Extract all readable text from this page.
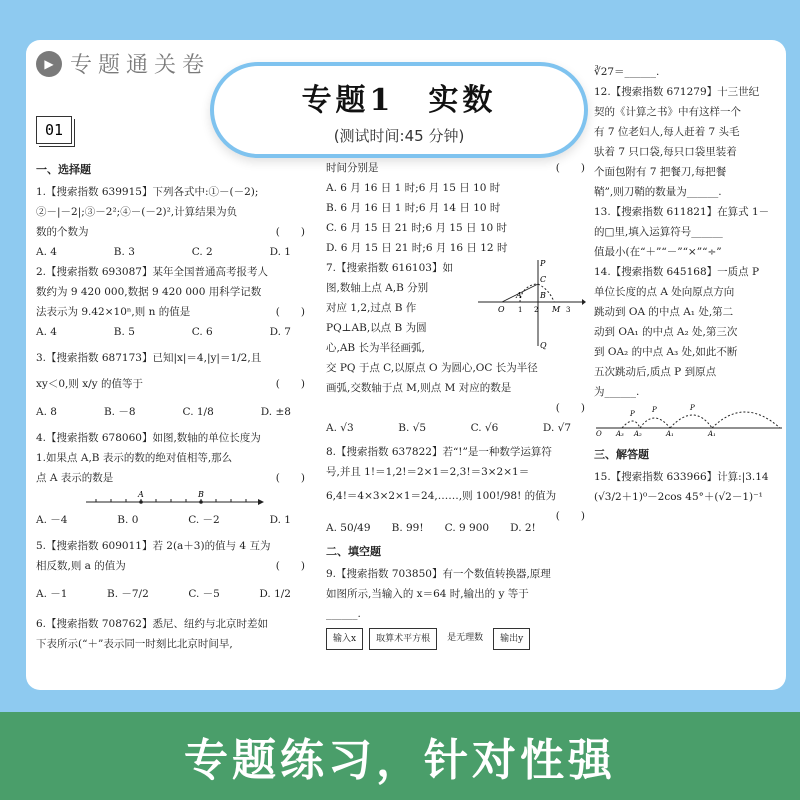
▶ 专题通关卷
01
一、选择题
1.【搜索指数 639915】下列各式中:①－(－2);
②－|－2|;③－2²;④－(－2)²,计算结果为负
数的个数为	(　　)
A. 4	B. 3	C. 2	D. 1
2.【搜索指数 693087】某年全国普通高考报考人
数约为 9 420 000,数据 9 420 000 用科学记数
法表示为 9.42×10ⁿ,则 n 的值是	(　　)
A. 4	B. 5	C. 6	D. 7
3.【搜索指数 687173】已知|x|＝4,|y|＝1/2,且
xy＜0,则 x/y 的值等于	(　　)
A. 8	B. －8	C. 1/8	D. ±8
4.【搜索指数 678060】如图,数轴的单位长度为
1.如果点 A,B 表示的数的绝对值相等,那么
点 A 表示的数是	(　　)
A	B
A. －4	B. 0	C. －2	D. 1
5.【搜索指数 609011】若 2(a＋3)的值与 4 互为
相反数,则 a 的值为	(　　)
A. －1	B. －7/2	C. －5	D. 1/2
6.【搜索指数 708762】悉尼、纽约与北京时差如
下表所示(“＋”表示同一时刻比北京时间早,
时间分别是	(　　)
A. 6 月 16 日 1 时;6 月 15 日 10 时
B. 6 月 16 日 1 时;6 月 14 日 10 时
C. 6 月 15 日 21 时;6 月 15 日 10 时
D. 6 月 15 日 21 时;6 月 16 日 12 时
7.【搜索指数 616103】如
图,数轴上点 A,B 分别
对应 1,2,过点 B 作
PQ⊥AB,以点 B 为圆
心,AB 长为半径画弧,
O
A B
M
C
P
Q
1 2	3
交 PQ 于点 C,以原点 O 为圆心,OC 长为半径
画弧,交数轴于点 M,则点 M 对应的数是
(　　)
A. √3	B. √5	C. √6	D. √7
8.【搜索指数 637822】若“!”是一种数学运算符
号,并且 1!＝1,2!＝2×1＝2,3!＝3×2×1＝
6,4!＝4×3×2×1＝24,……,则 100!/98! 的值为
(　　)
A. 50/49 B. 99! C. 9 900 D. 2!
二、填空题
9.【搜索指数 703850】有一个数值转换器,原理
如图所示,当输入的 x＝64 时,输出的 y 等于
______.
输入x	取算术平方根	是无理数	输出y
∛27＝______.
12.【搜索指数 671279】十三世纪
契的《计算之书》中有这样一个
有 7 位老妇人,每人赶着 7 头毛
驮着 7 只口袋,每只口袋里装着
个面包附有 7 把餐刀,每把餐
鞘”,则刀鞘的数量为______.
13.【搜索指数 611821】在算式 1－
的□里,填入运算符号______
值最小(在“＋”“－”“×”“÷”
14.【搜索指数 645168】一质点 P
单位长度的点 A 处向原点方向
跳动到 OA 的中点 A₁ 处,第二
动到 OA₁ 的中点 A₂ 处,第三次
到 OA₂ 的中点 A₃ 处,如此不断
五次跳动后,质点 P 到原点
为______.
O A₃ A₂	A₁	A₁
P P	P
三、解答题
15.【搜索指数 633966】计算:|3.14
(√3/2＋1)⁰－2cos 45°＋(√2－1)⁻¹
专题1　实数
(测试时间:45 分钟)
专题练习，针对性强
